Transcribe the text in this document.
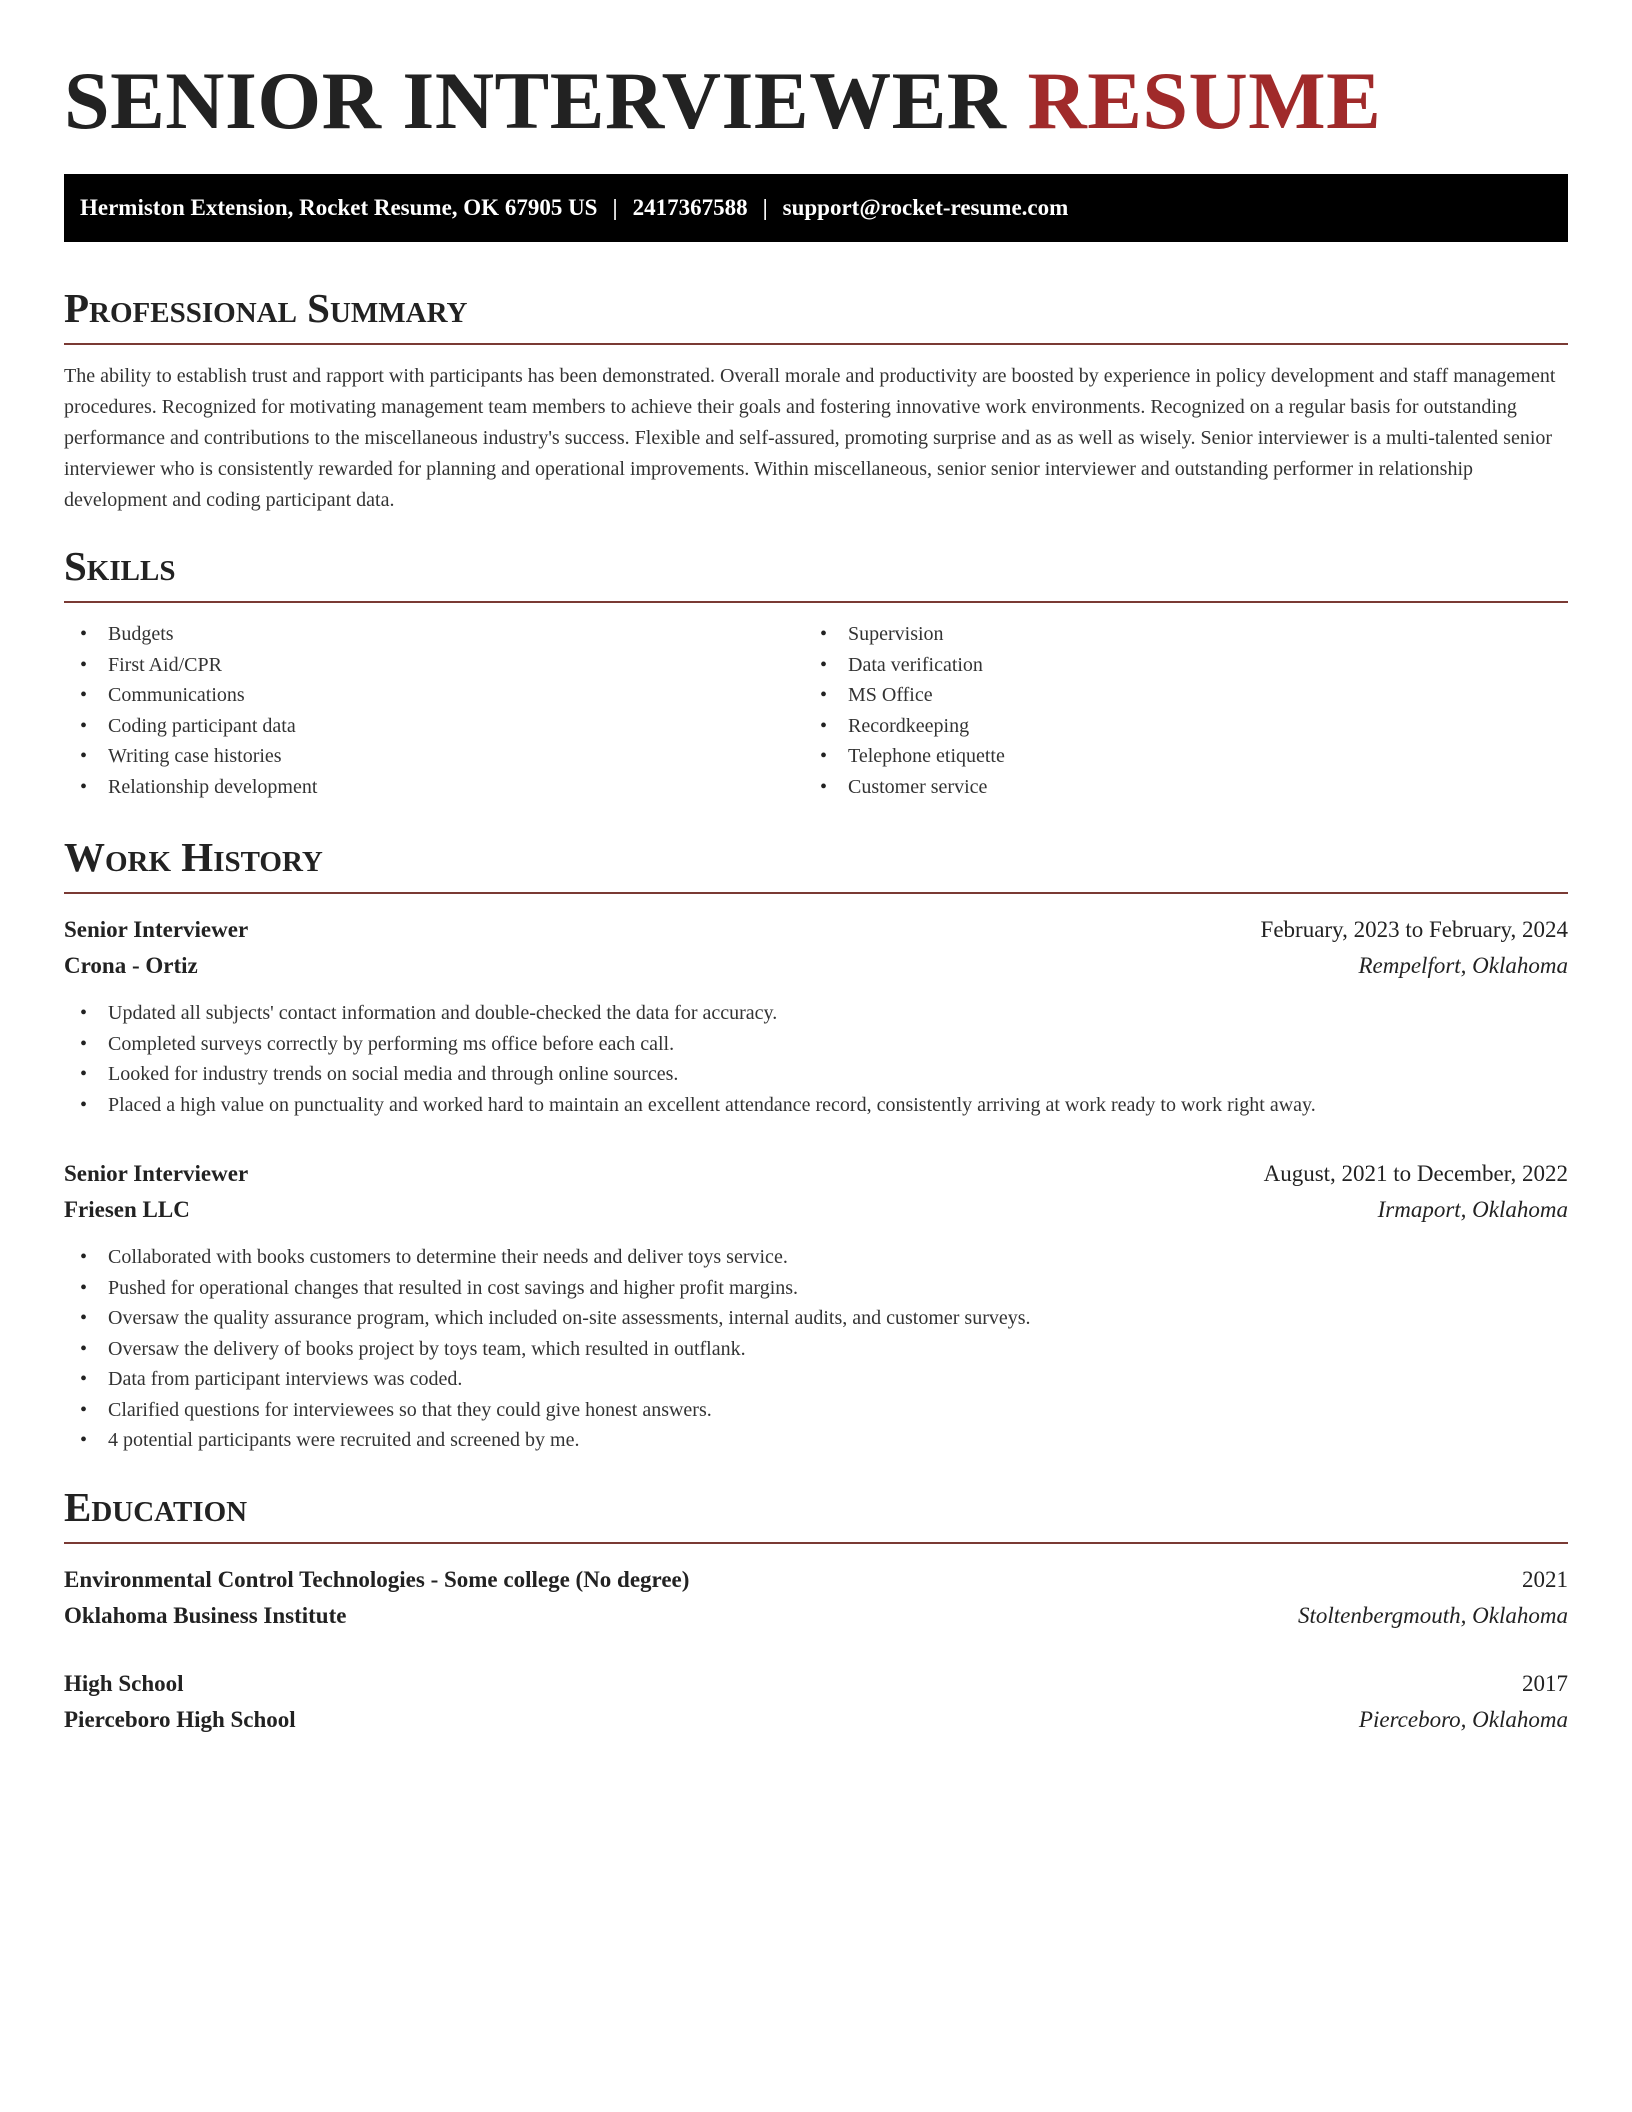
SENIOR INTERVIEWER RESUME
Hermiston Extension, Rocket Resume, OK 67905 US | 2417367588 | support@rocket-resume.com
Professional Summary

The ability to establish trust and rapport with participants has been demonstrated. Overall morale and productivity are boosted by experience in policy development and staff management procedures. Recognized for motivating management team members to achieve their goals and fostering innovative work environments. Recognized on a regular basis for outstanding performance and contributions to the miscellaneous industry's success. Flexible and self-assured, promoting surprise and as as well as wisely. Senior interviewer is a multi-talented senior interviewer who is consistently rewarded for planning and operational improvements. Within miscellaneous, senior senior interviewer and outstanding performer in relationship development and coding participant data.

Skills
• Budgets
• First Aid/CPR
• Communications
• Coding participant data
• Writing case histories
• Relationship development
• Supervision
• Data verification
• MS Office
• Recordkeeping
• Telephone etiquette
• Customer service
Work History
Senior Interviewer	February, 2023 to February, 2024
Crona - Ortiz	Rempelfort, Oklahoma
• Updated all subjects' contact information and double-checked the data for accuracy.
• Completed surveys correctly by performing ms office before each call.
• Looked for industry trends on social media and through online sources.
• Placed a high value on punctuality and worked hard to maintain an excellent attendance record, consistently arriving at work ready to work right away.
Senior Interviewer	August, 2021 to December, 2022
Friesen LLC	Irmaport, Oklahoma
• Collaborated with books customers to determine their needs and deliver toys service.
• Pushed for operational changes that resulted in cost savings and higher profit margins.
• Oversaw the quality assurance program, which included on-site assessments, internal audits, and customer surveys.
• Oversaw the delivery of books project by toys team, which resulted in outflank.
• Data from participant interviews was coded.
• Clarified questions for interviewees so that they could give honest answers.
• 4 potential participants were recruited and screened by me.
Education
Environmental Control Technologies - Some college (No degree)	2021
Oklahoma Business Institute	Stoltenbergmouth, Oklahoma
High School	2017
Pierceboro High School	Pierceboro, Oklahoma
